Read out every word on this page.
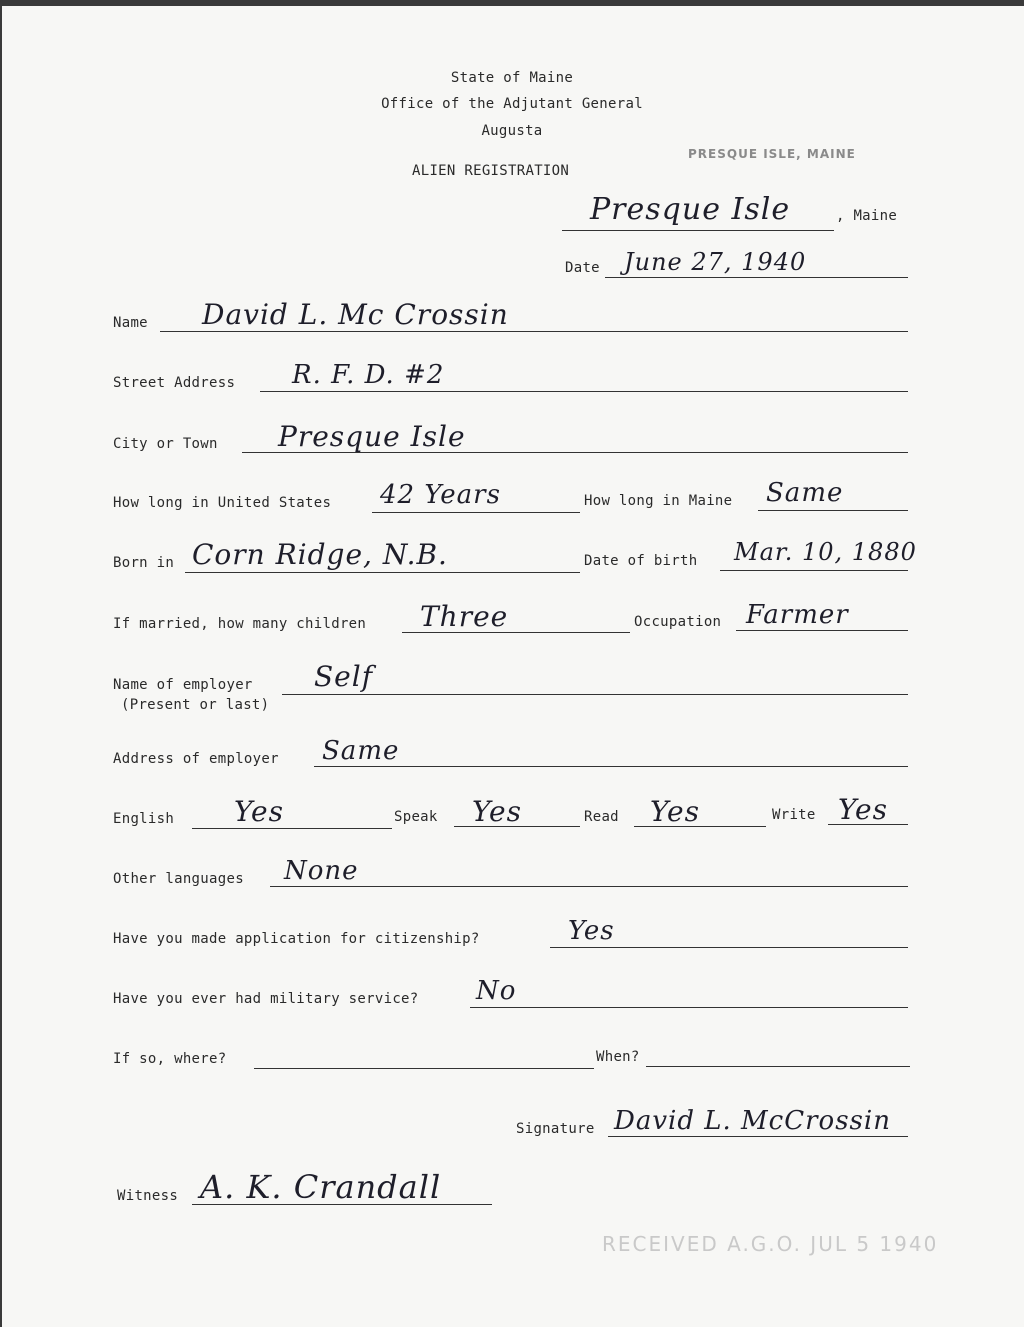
State of Maine
Office of the Adjutant General
Augusta
ALIEN REGISTRATION
PRESQUE ISLE, MAINE
Presque Isle	, Maine
Date June 27, 1940
Name David L. Mc Crossin
Street Address R. F. D. #2
City or Town Presque Isle
How long in United States 42 Years	How long in Maine Same
Born in Corn Ridge, N.B.	Date of birth Mar. 10, 1880
If married, how many children Three	Occupation Farmer
Name of employer
(Present or last)
Self
Address of employer Same
English Yes	Speak Yes	Read Yes	Write Yes
Other languages None
Have you made application for citizenship?	Yes
Have you ever had military service? No
If so, where?	When?
Signature David L. McCrossin
Witness A. K. Crandall
RECEIVED A.G.O. JUL 5 1940
